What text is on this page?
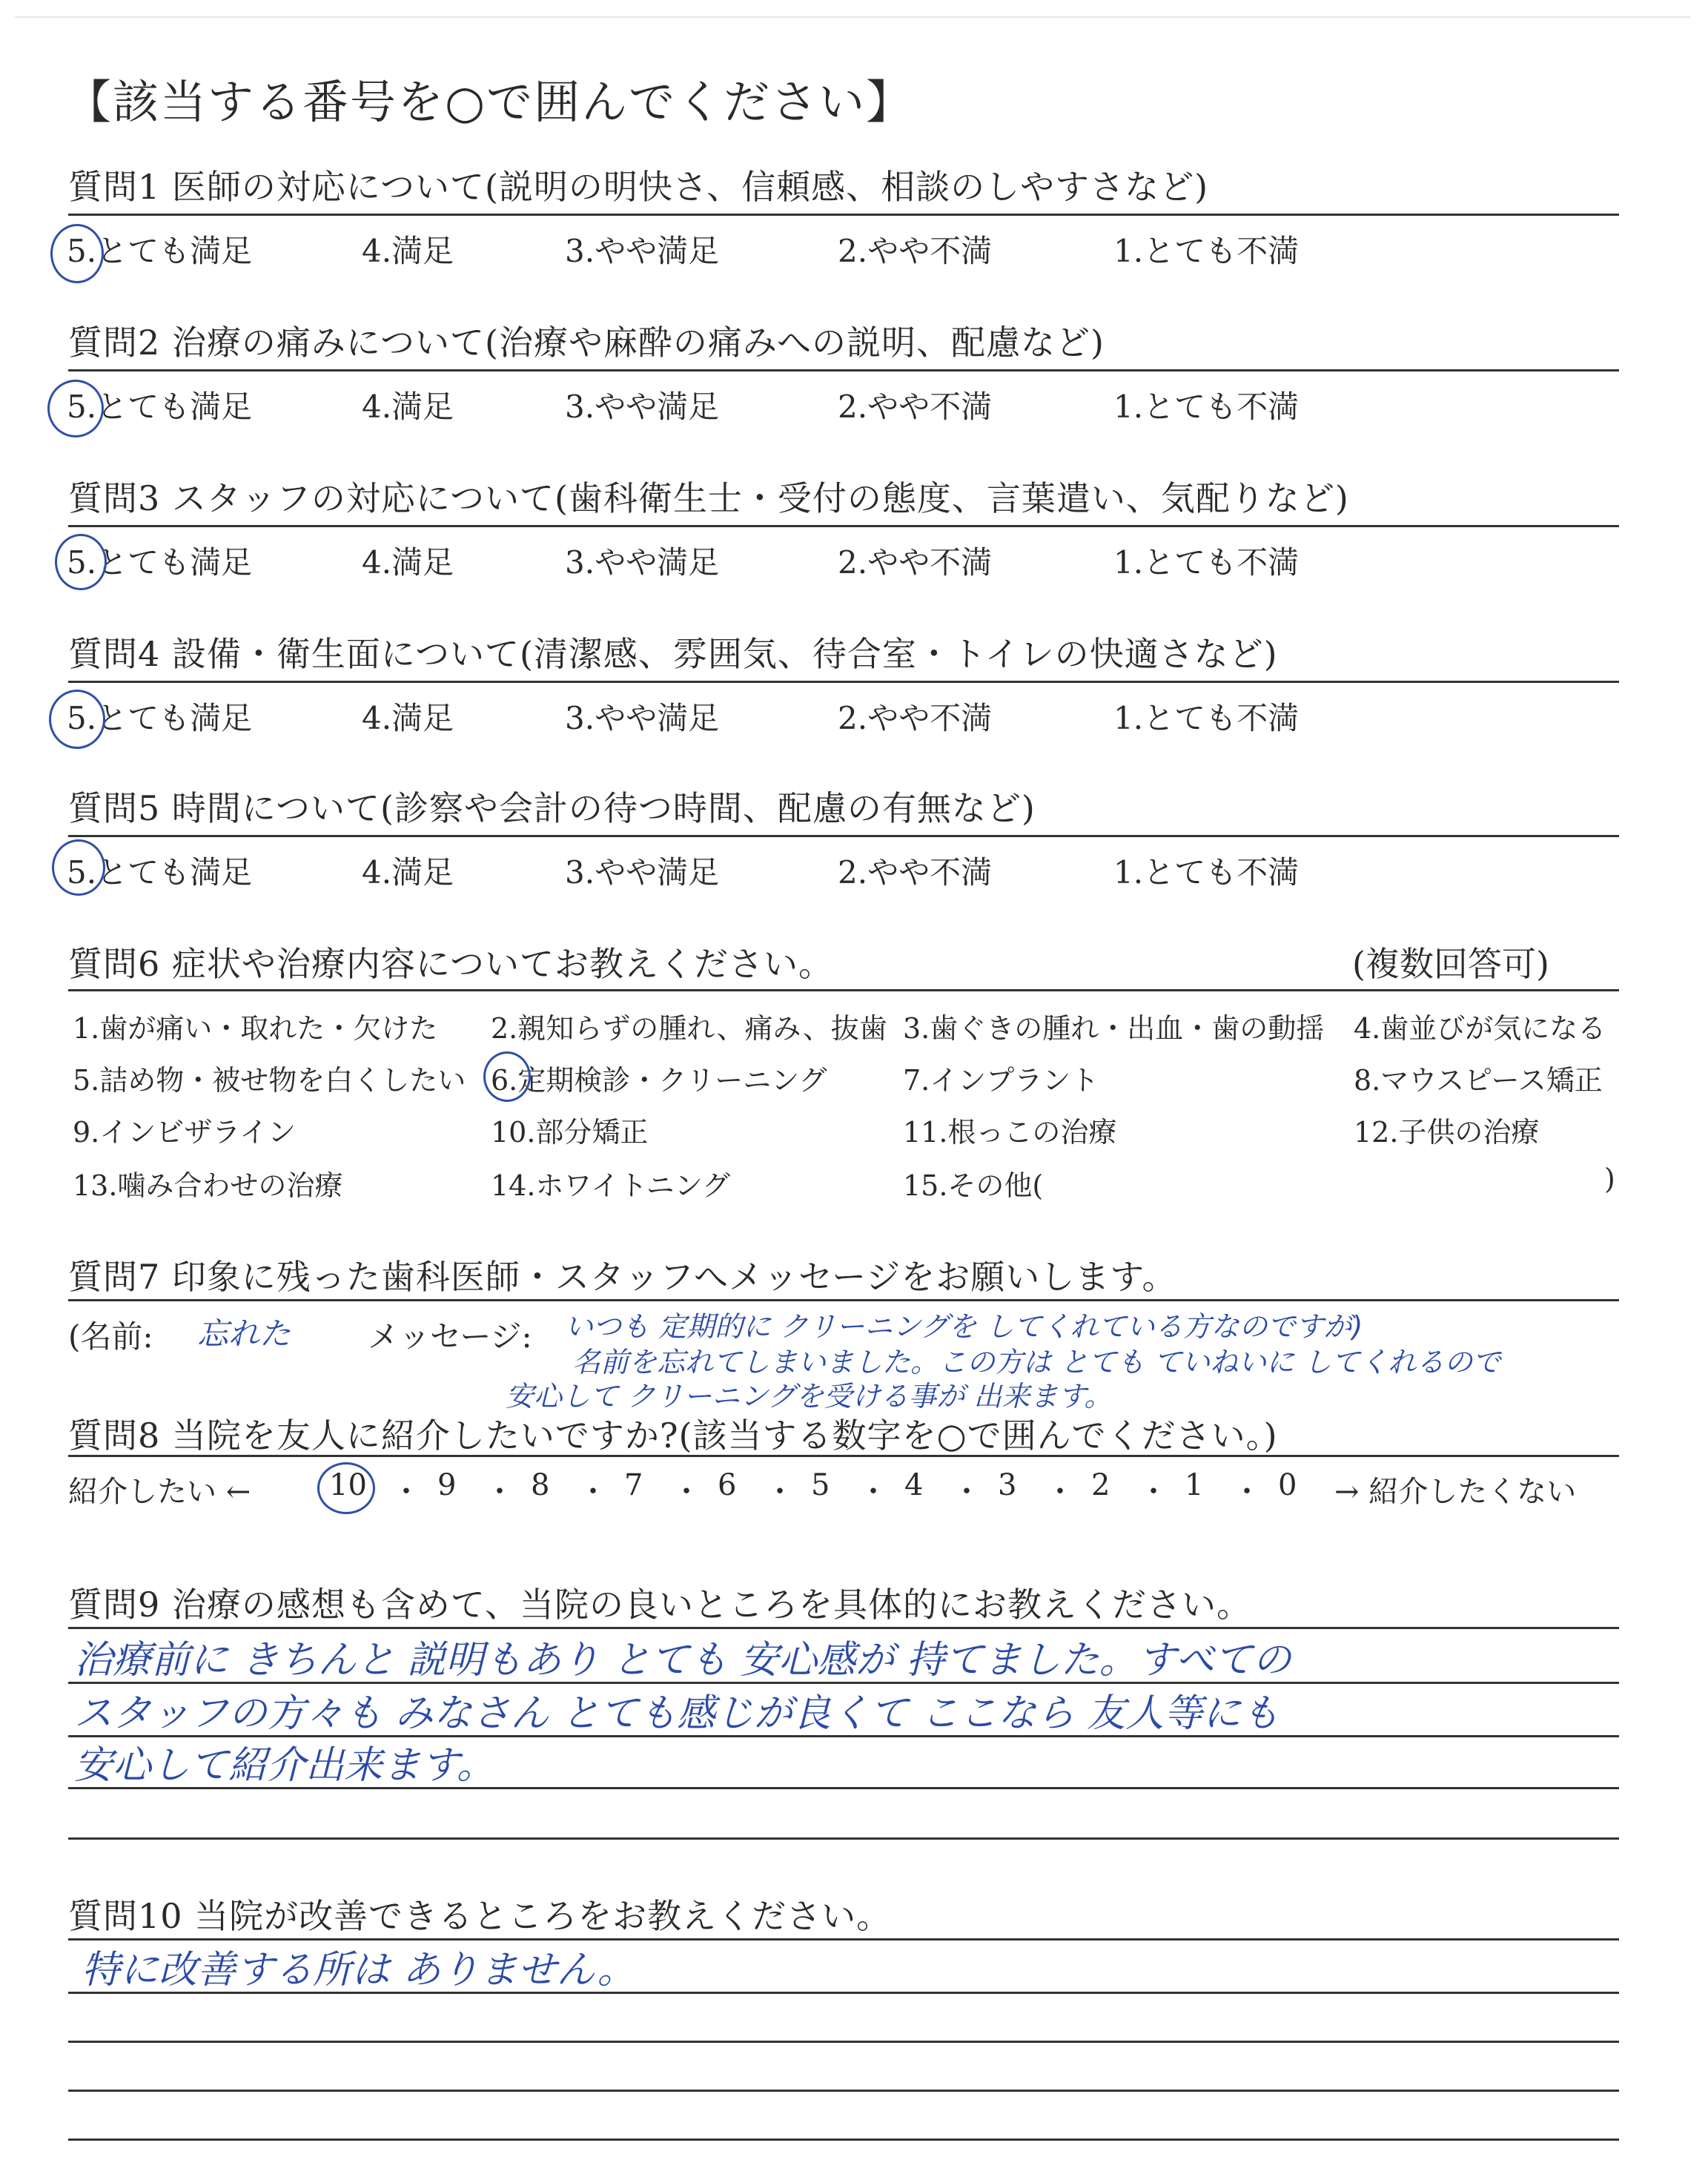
【該当する番号を○で囲んでください】
質問1 医師の対応について(説明の明快さ、信頼感、相談のしやすさなど)
5.とても満足	4.満足	3.やや満足	2.やや不満	1.とても不満
質問2 治療の痛みについて(治療や麻酔の痛みへの説明、配慮など)
5.とても満足	4.満足	3.やや満足	2.やや不満	1.とても不満
質問3 スタッフの対応について(歯科衛生士・受付の態度、言葉遣い、気配りなど)
5.とても満足	4.満足	3.やや満足	2.やや不満	1.とても不満
質問4 設備・衛生面について(清潔感、雰囲気、待合室・トイレの快適さなど)
5.とても満足	4.満足	3.やや満足	2.やや不満	1.とても不満
質問5 時間について(診察や会計の待つ時間、配慮の有無など)
5.とても満足	4.満足	3.やや満足	2.やや不満	1.とても不満
質問6 症状や治療内容についてお教えください。	(複数回答可)
1.歯が痛い・取れた・欠けた 2.親知らずの腫れ、痛み、抜歯 3.歯ぐきの腫れ・出血・歯の動揺 4.歯並びが気になる
5.詰め物・被せ物を白くしたい 6.定期検診・クリーニング	7.インプラント	8.マウスピース矯正
9.インビザライン	10.部分矯正	11.根っこの治療	12.子供の治療
13.噛み合わせの治療	14.ホワイトニング	15.その他(	)
質問7 印象に残った歯科医師・スタッフへメッセージをお願いします。
(名前: 忘れた メッセージ: いつも 定期的に クリーニングを してくれている方なのですが)
名前を忘れてしまいました。この方は とても ていねいに してくれるので
安心して クリーニングを受ける事が 出来ます。
質問8 当院を友人に紹介したいですか?(該当する数字を○で囲んでください。)
紹介したい ←	10 ・ 9 ・ 8 ・ 7 ・ 6 ・ 5 ・ 4 ・ 3 ・ 2 ・ 1 ・ 0 → 紹介したくない
質問9 治療の感想も含めて、当院の良いところを具体的にお教えください。
治療前に きちんと 説明もあり とても 安心感が 持てました。すべての
スタッフの方々も みなさん とても感じが良くて ここなら 友人等にも
安心して紹介出来ます。
質問10 当院が改善できるところをお教えください。
特に改善する所は ありません。
